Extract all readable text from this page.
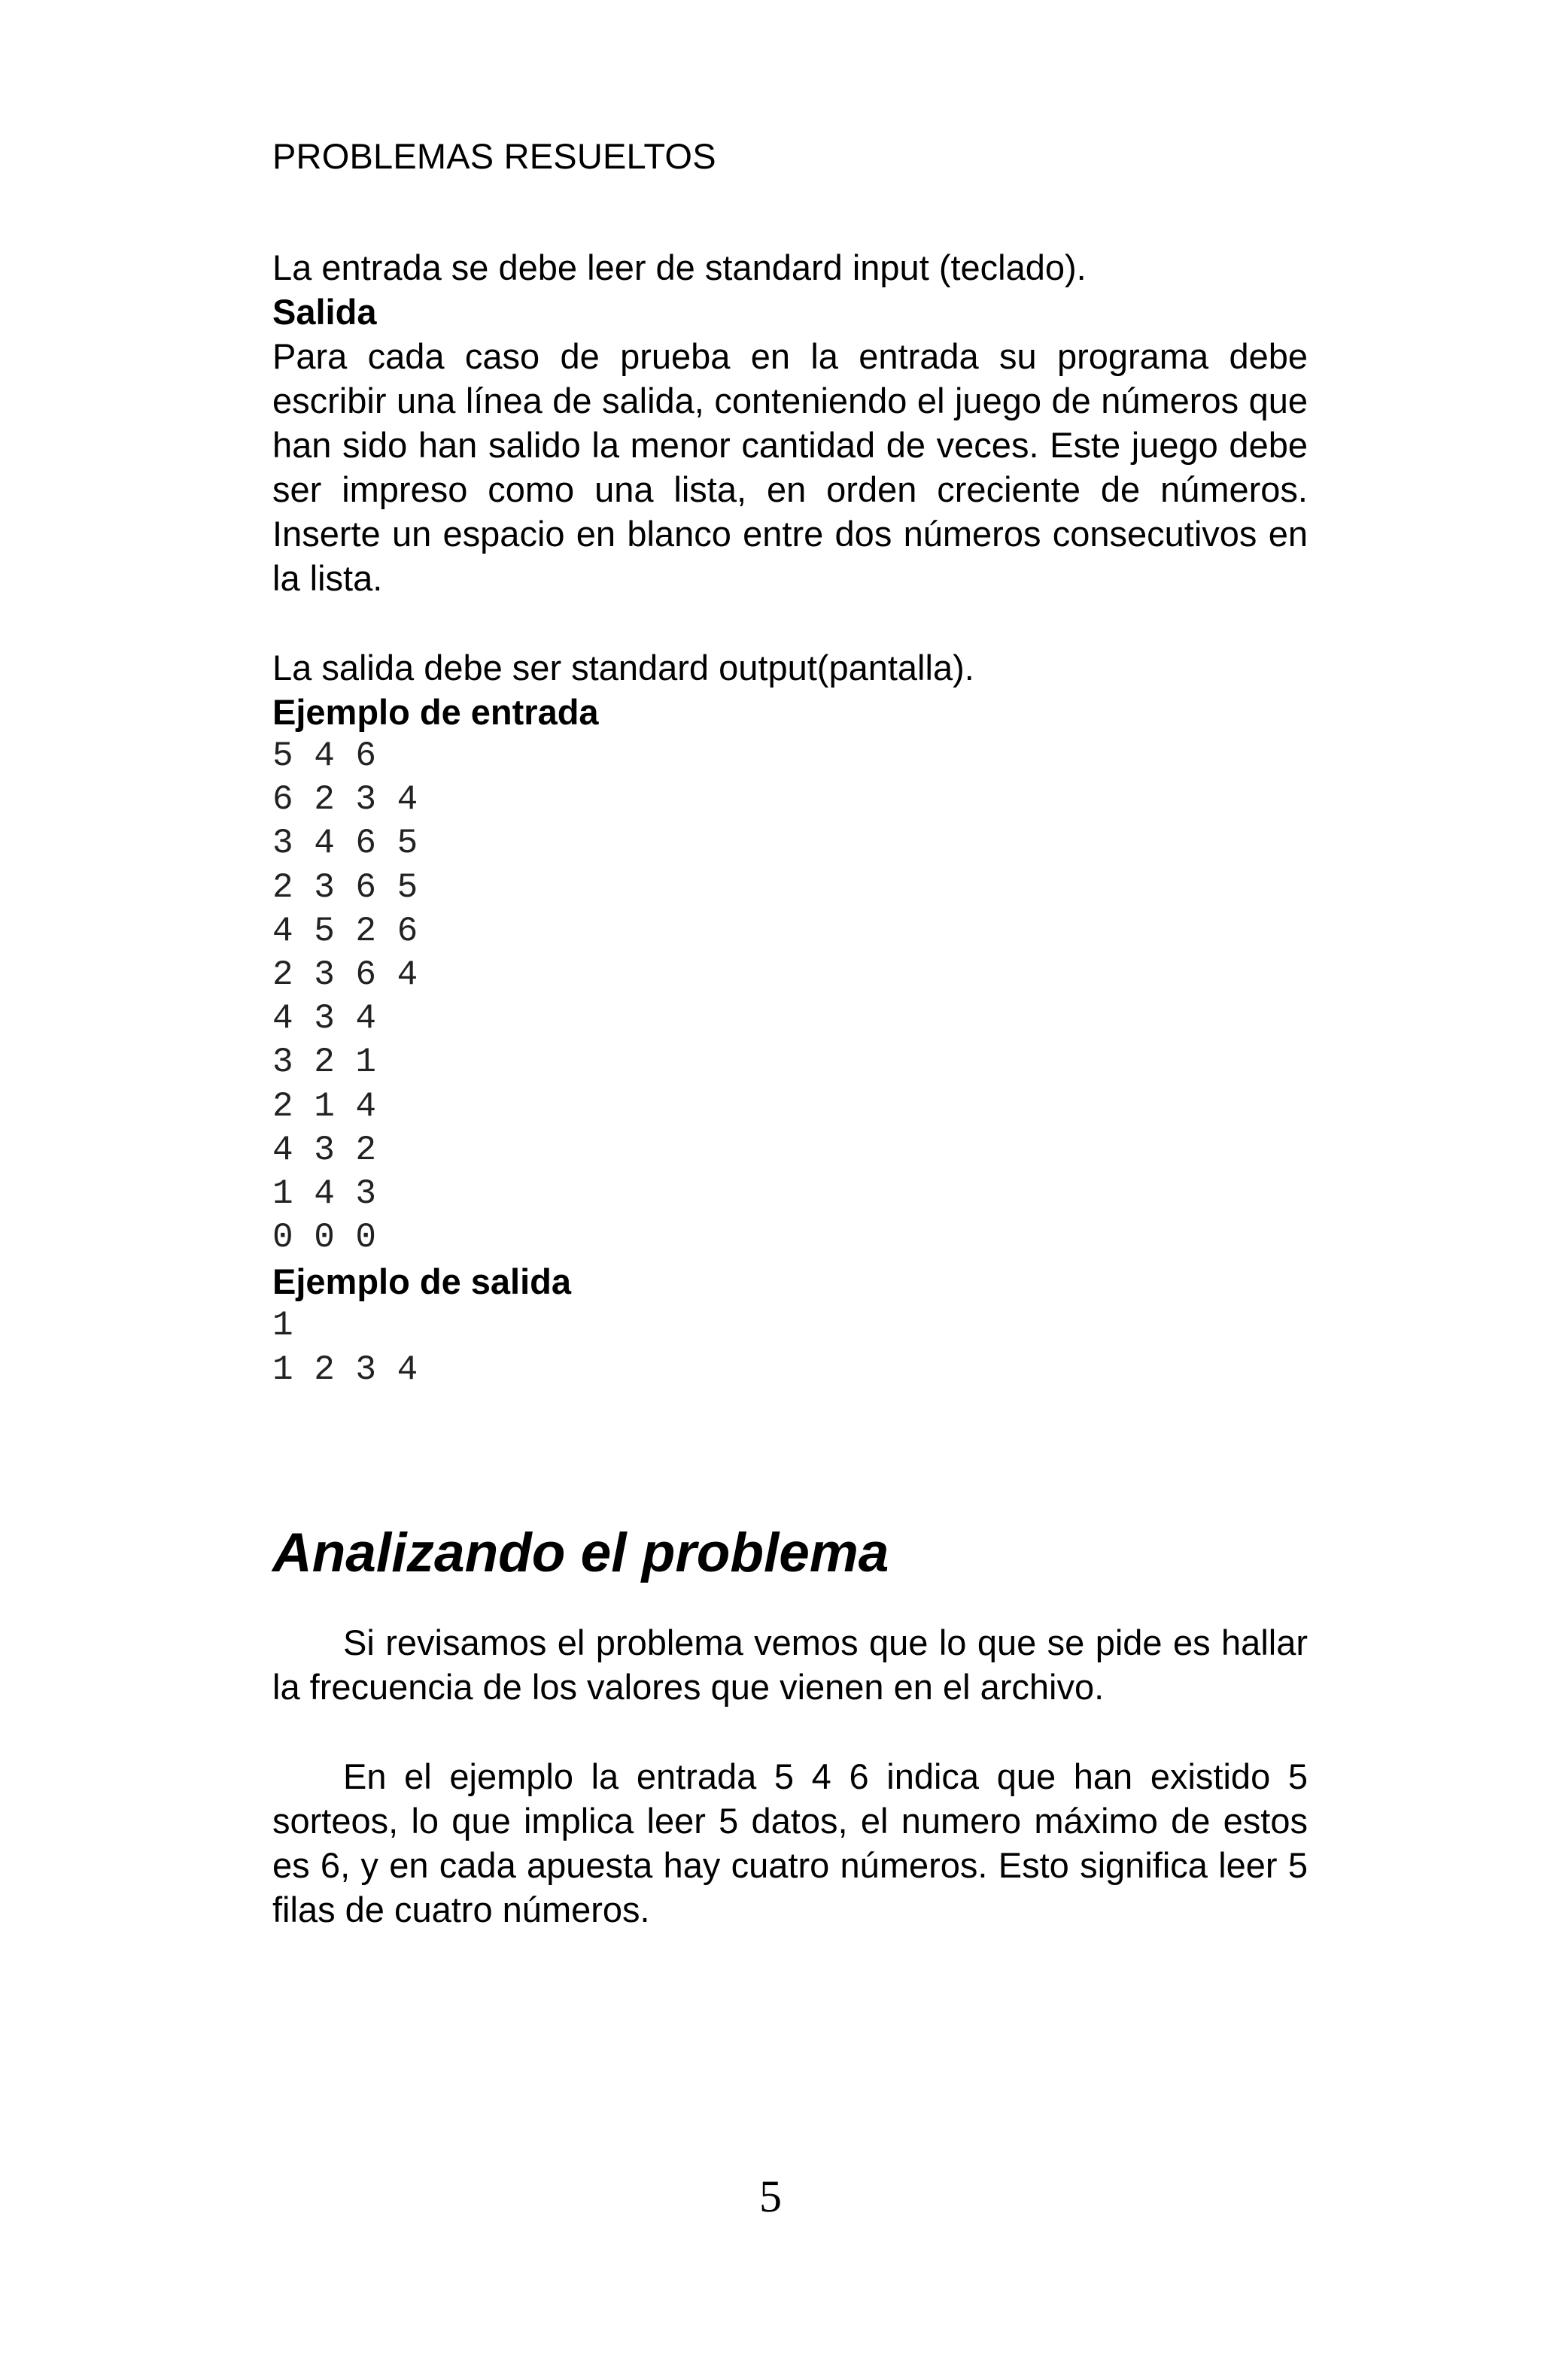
PROBLEMAS RESUELTOS

La entrada se debe leer de standard input (teclado).

Salida

Para cada caso de prueba en la entrada su programa debe escribir una línea de salida, conteniendo el juego de números que han sido han salido la menor cantidad de veces. Este juego debe ser impreso como una lista, en orden creciente de números. Inserte un espacio en blanco entre dos números consecutivos en la lista.

La salida debe ser standard output(pantalla).

Ejemplo de entrada

5 4 6

6 2 3 4

3 4 6 5

2 3 6 5

4 5 2 6

2 3 6 4

4 3 4

3 2 1

2 1 4

4 3 2

1 4 3

0 0 0

Ejemplo de salida

1

1 2 3 4

Analizando el problema

Si revisamos el problema vemos que lo que se pide es hallar la frecuencia de los valores que vienen en el archivo.

En el ejemplo la entrada 5 4 6 indica que han existido 5 sorteos, lo que implica leer 5 datos, el numero máximo de estos es 6, y en cada apuesta hay cuatro números. Esto significa leer 5 filas de cuatro números.

5
